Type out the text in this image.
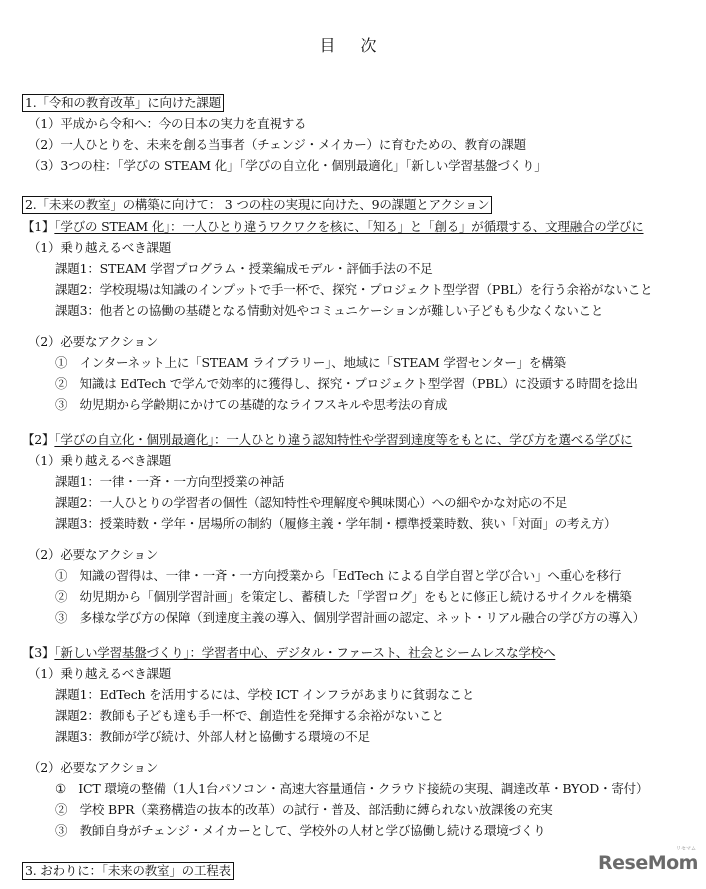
目 次
1.「令和の教育改革」に向けた課題
（1）平成から令和へ：今の日本の実力を直視する
（2）一人ひとりを、未来を創る当事者（チェンジ・メイカー）に育むための、教育の課題
（3）3つの柱：「学びの STEAM 化」「学びの自立化・個別最適化」「新しい学習基盤づくり」
2.「未来の教室」の構築に向けて： 3 つの柱の実現に向けた、9の課題とアクション
【1】「学びの STEAM 化」：一人ひとり違うワクワクを核に、「知る」と「創る」が循環する、文理融合の学びに
（1）乗り越えるべき課題
課題1：STEAM 学習プログラム・授業編成モデル・評価手法の不足
課題2：学校現場は知識のインプットで手一杯で、探究・プロジェクト型学習（PBL）を行う余裕がないこと
課題3：他者との協働の基礎となる情動対処やコミュニケーションが難しい子どもも少なくないこと
（2）必要なアクション
①　インターネット上に「STEAM ライブラリー」、地域に「STEAM 学習センター」を構築
②　知識は EdTech で学んで効率的に獲得し、探究・プロジェクト型学習（PBL）に没頭する時間を捻出
③　幼児期から学齢期にかけての基礎的なライフスキルや思考法の育成
【2】「学びの自立化・個別最適化」：一人ひとり違う認知特性や学習到達度等をもとに、学び方を選べる学びに
（1）乗り越えるべき課題
課題1：一律・一斉・一方向型授業の神話
課題2：一人ひとりの学習者の個性（認知特性や理解度や興味関心）への細やかな対応の不足
課題3：授業時数・学年・居場所の制約（履修主義・学年制・標準授業時数、狭い「対面」の考え方）
（2）必要なアクション
①　知識の習得は、一律・一斉・一方向授業から「EdTech による自学自習と学び合い」へ重心を移行
②　幼児期から「個別学習計画」を策定し、蓄積した「学習ログ」をもとに修正し続けるサイクルを構築
③　多様な学び方の保障（到達度主義の導入、個別学習計画の認定、ネット・リアル融合の学び方の導入）
【3】「新しい学習基盤づくり」：学習者中心、デジタル・ファースト、社会とシームレスな学校へ
（1）乗り越えるべき課題
課題1：EdTech を活用するには、学校 ICT インフラがあまりに貧弱なこと
課題2：教師も子ども達も手一杯で、創造性を発揮する余裕がないこと
課題3：教師が学び続け、外部人材と協働する環境の不足
（2）必要なアクション
①　ICT 環境の整備（1人1台パソコン・高速大容量通信・クラウド接続の実現、調達改革・BYOD・寄付）
②　学校 BPR（業務構造の抜本的改革）の試行・普及、部活動に縛られない放課後の充実
③　教師自身がチェンジ・メイカーとして、学校外の人材と学び協働し続ける環境づくり
3. おわりに：「未来の教室」の工程表	ReseMom
リセマム
